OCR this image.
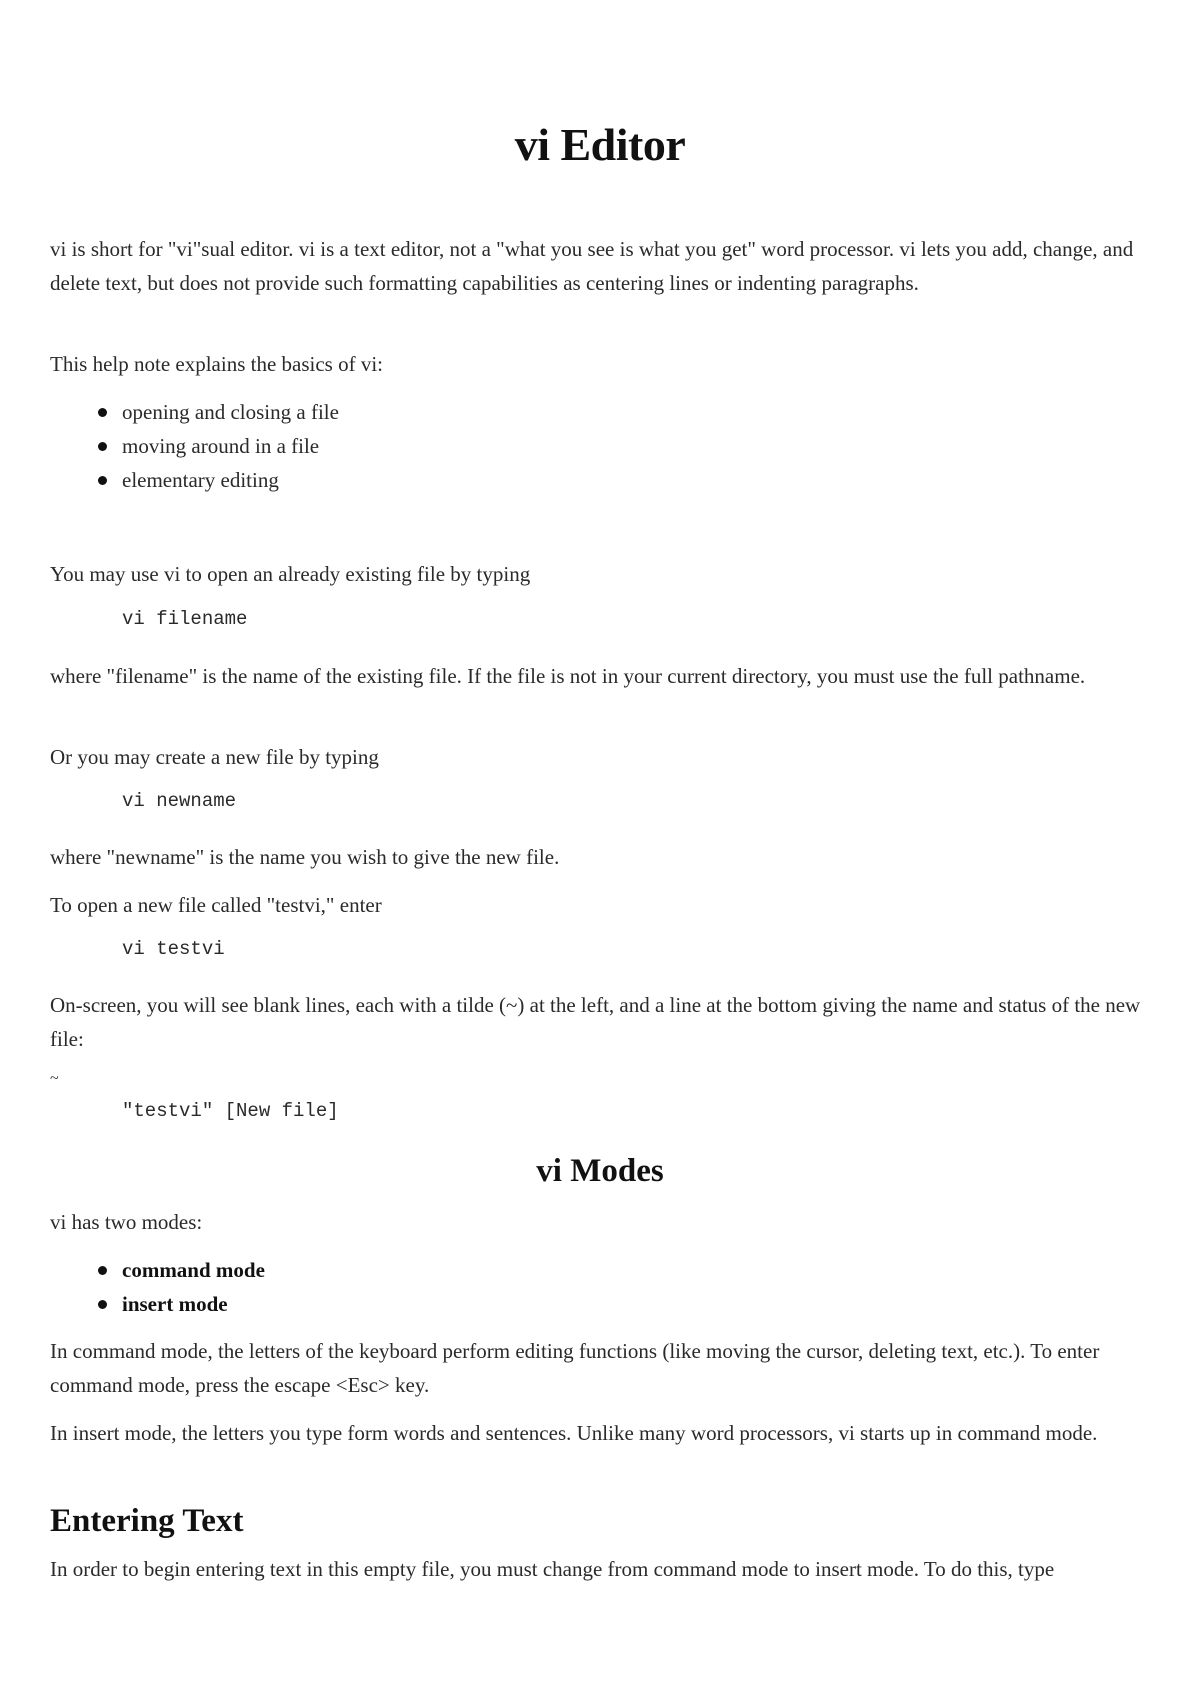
vi Editor

vi is short for "vi"sual editor. vi is a text editor, not a "what you see is what you get" word processor. vi lets you add, change, and delete text, but does not provide such formatting capabilities as centering lines or indenting paragraphs.

This help note explains the basics of vi:

opening and closing a file

moving around in a file

elementary editing

You may use vi to open an already existing file by typing

vi filename

where "filename" is the name of the existing file. If the file is not in your current directory, you must use the full pathname.

Or you may create a new file by typing

vi newname

where "newname" is the name you wish to give the new file.

To open a new file called "testvi," enter

vi testvi

On-screen, you will see blank lines, each with a tilde (~) at the left, and a line at the bottom giving the name and status of the new file:

~

"testvi" [New file]
vi Modes

vi has two modes:

command mode

insert mode

In command mode, the letters of the keyboard perform editing functions (like moving the cursor, deleting text, etc.). To enter command mode, press the escape <Esc> key.

In insert mode, the letters you type form words and sentences. Unlike many word processors, vi starts up in command mode.

Entering Text

In order to begin entering text in this empty file, you must change from command mode to insert mode. To do this, type
